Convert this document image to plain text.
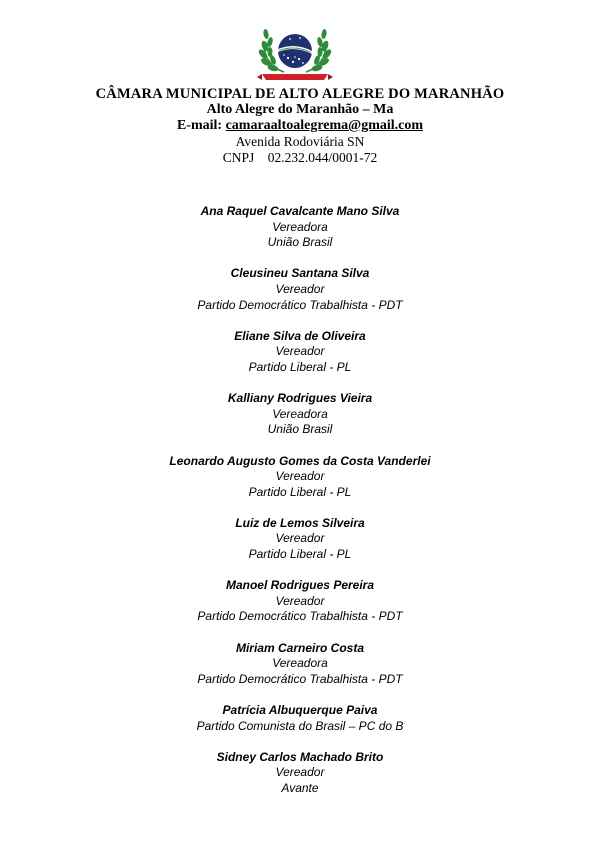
CÂMARA MUNICIPAL DE ALTO ALEGRE DO MARANHÃO
Alto Alegre do Maranhão – Ma
E-mail: camaraaltoalegrema@gmail.com
Avenida Rodoviária SN
CNPJ 02.232.044/0001-72
Ana Raquel Cavalcante Mano Silva
Vereadora
União Brasil
Cleusineu Santana Silva
Vereador
Partido Democrático Trabalhista - PDT
Eliane Silva de Oliveira
Vereador
Partido Liberal - PL
Kalliany Rodrigues Vieira
Vereadora
União Brasil
Leonardo Augusto Gomes da Costa Vanderlei
Vereador
Partido Liberal - PL
Luiz de Lemos Silveira
Vereador
Partido Liberal - PL
Manoel Rodrigues Pereira
Vereador
Partido Democrático Trabalhista - PDT
Miriam Carneiro Costa
Vereadora
Partido Democrático Trabalhista - PDT
Patrícia Albuquerque Paiva
Partido Comunista do Brasil – PC do B
Sidney Carlos Machado Brito
Vereador
Avante
